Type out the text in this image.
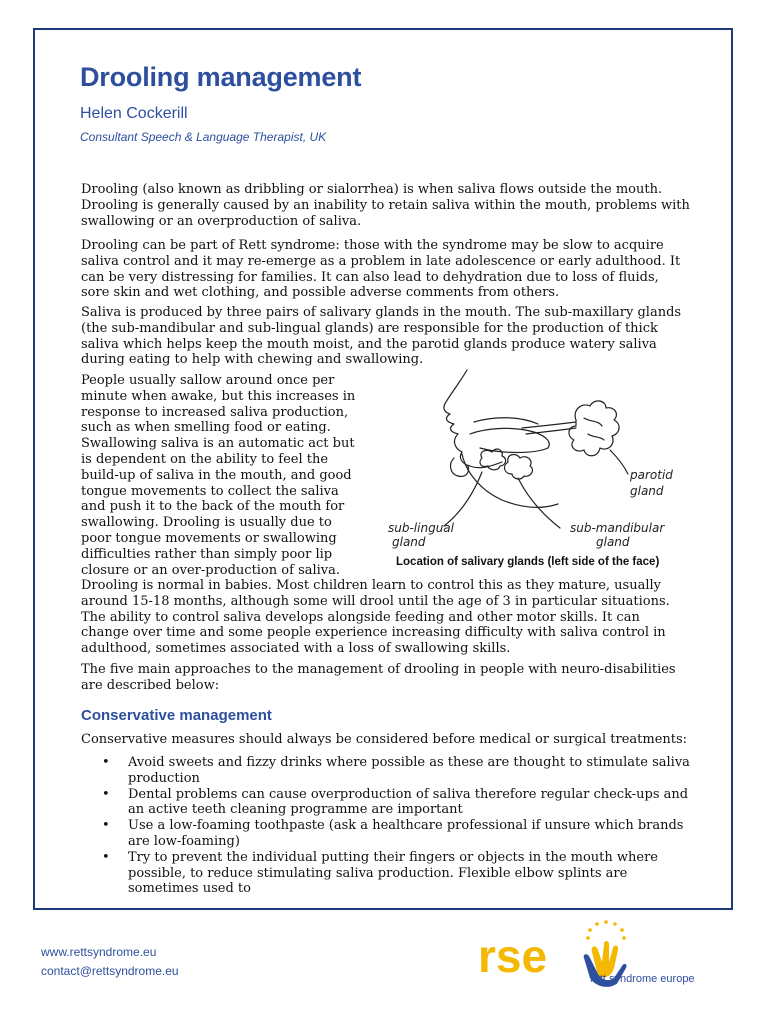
Drooling management
Helen Cockerill
Consultant Speech & Language Therapist, UK

Drooling (also known as dribbling or sialorrhea) is when saliva flows outside the mouth. Drooling is generally caused by an inability to retain saliva within the mouth, problems with swallowing or an overproduction of saliva.

Drooling can be part of Rett syndrome: those with the syndrome may be slow to acquire saliva control and it may re-emerge as a problem in late adolescence or early adulthood. It can be very distressing for families. It can also lead to dehydration due to loss of fluids, sore skin and wet clothing, and possible adverse comments from others.

Saliva is produced by three pairs of salivary glands in the mouth. The sub-maxillary glands (the sub-mandibular and sub-lingual glands) are responsible for the production of thick saliva which helps keep the mouth moist, and the parotid glands produce watery saliva during eating to help with chewing and swallowing.

People usually sallow around once per minute when awake, but this increases in response to increased saliva production, such as when smelling food or eating. Swallowing saliva is an automatic act but is dependent on the ability to feel the build-up of saliva in the mouth, and good tongue movements to collect the saliva and push it to the back of the mouth for swallowing. Drooling is usually due to poor tongue movements or swallowing difficulties rather than simply poor lip closure or an over-production of saliva.

parotid
gland
sub-lingual
gland
sub-mandibular
gland
Location of salivary glands (left side of the face)

Drooling is normal in babies. Most children learn to control this as they mature, usually around 15-18 months, although some will drool until the age of 3 in particular situations. The ability to control saliva develops alongside feeding and other motor skills. It can change over time and some people experience increasing difficulty with saliva control in adulthood, sometimes associated with a loss of swallowing skills.

The five main approaches to the management of drooling in people with neuro-disabilities are described below:

Conservative management

Conservative measures should always be considered before medical or surgical treatments:

• Avoid sweets and fizzy drinks where possible as these are thought to stimulate saliva production
• Dental problems can cause overproduction of saliva therefore regular check-ups and an active teeth cleaning programme are important
• Use a low-foaming toothpaste (ask a healthcare professional if unsure which brands are low-foaming)
• Try to prevent the individual putting their fingers or objects in the mouth where possible, to reduce stimulating saliva production. Flexible elbow splints are sometimes used to
www.rettsyndrome.eu
contact@rettsyndrome.eu	rse	rett syndrome europe
